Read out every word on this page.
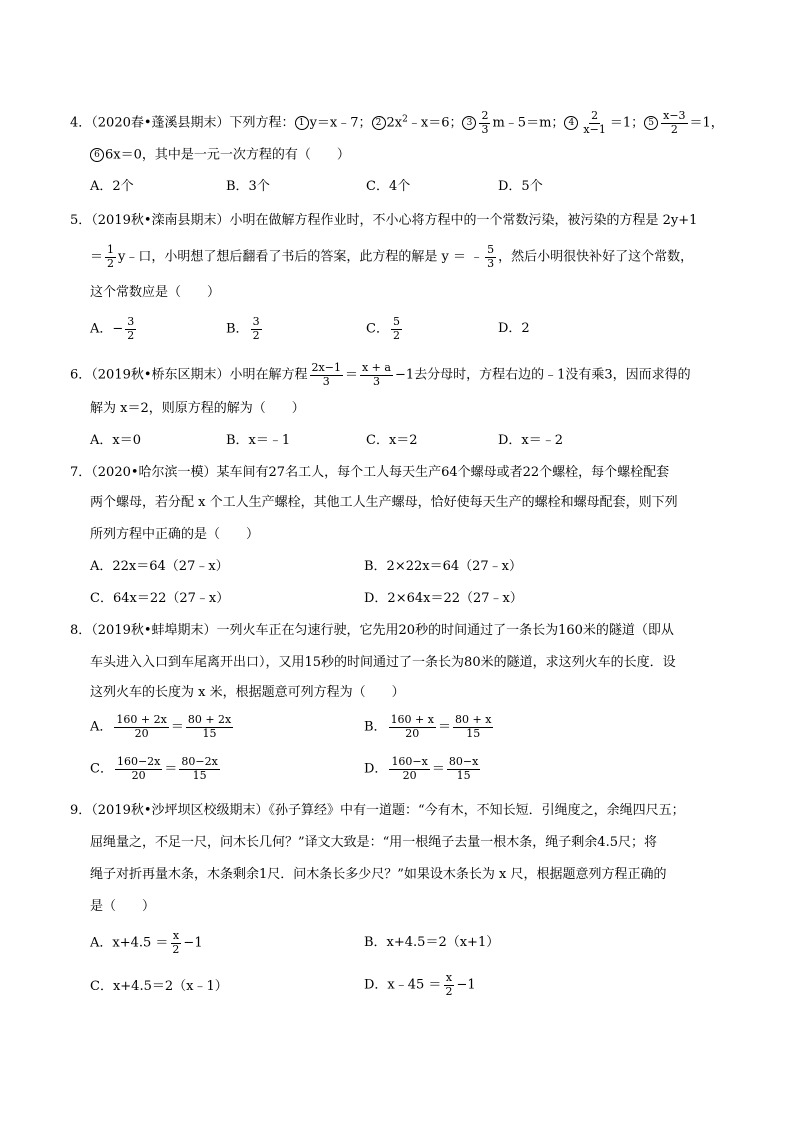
4．（2020春•蓬溪县期末）下列方程： 1 y＝x﹣7； 2 $2x^2﹣x=6$； $3 \frac{2}{3}$ m﹣5＝m； $4 \frac{2}{x-1} =1$； $5 \frac{x-3}{2} =1$，
6 6x＝0，其中是一元一次方程的有（　　）
A．2个	B．3个	C．4个	D．5个
5．（2019秋•滦南县期末）小明在做解方程作业时，不小心将方程中的一个常数污染，被污染的方程是 2y+1
＝ $\frac{1}{2}$ y﹣口，小明想了想后翻看了书后的答案，此方程的解是 y ＝ ﹣ $\frac{5}{3}$ ，然后小明很快补好了这个常数，
这个常数应是（　　）
A．− $\frac{3}{2}$	B． $\frac{3}{2}$	C． $\frac{5}{2}$	D．2
6．（2019秋•桥东区期末）小明在解方程 $\frac{2x-1}{3} = \frac{x + a}{3} -1$去分母时，方程右边的﹣1没有乘3，因而求得的
解为 x＝2，则原方程的解为（　　）
A．x＝0	B．x＝﹣1	C．x＝2	D．x＝﹣2
7．（2020•哈尔滨一模）某车间有27名工人，每个工人每天生产64个螺母或者22个螺栓，每个螺栓配套
两个螺母，若分配 x 个工人生产螺栓，其他工人生产螺母，恰好使每天生产的螺栓和螺母配套，则下列
所列方程中正确的是（　　）
A．22x＝64（27﹣x）	B．2×22x＝64（27﹣x）
C．64x＝22（27﹣x）	D．2×64x＝22（27﹣x）
8．（2019秋•蚌埠期末）一列火车正在匀速行驶，它先用20秒的时间通过了一条长为160米的隧道（即从
车头进入入口到车尾离开出口），又用15秒的时间通过了一条长为80米的隧道，求这列火车的长度．设
这列火车的长度为 x 米，根据题意可列方程为（　　）
A． $\frac{160 + 2x}{20} = \frac{80 + 2x}{15}$	B． $\frac{160 + x}{20} = \frac{80 + x}{15}$
C． $\frac{160-2x}{20} = \frac{80-2x}{15}$	D． $\frac{160-x}{20} = \frac{80-x}{15}$
9．（2019秋•沙坪坝区校级期末）《孙子算经》中有一道题：“今有木，不知长短．引绳度之，余绳四尺五；
屈绳量之，不足一尺，问木长几何？”译文大致是：“用一根绳子去量一根木条，绳子剩余4.5尺；将
绳子对折再量木条，木条剩余1尺．问木条长多少尺？”如果设木条长为 x 尺，根据题意列方程正确的
是（　　）
A．$x+4.5 = \frac{x}{2} -1$	B．x+4.5＝2（x+1）
C．x+4.5＝2（x﹣1）	D．x﹣45 ＝ $\frac{x}{2} -1$
